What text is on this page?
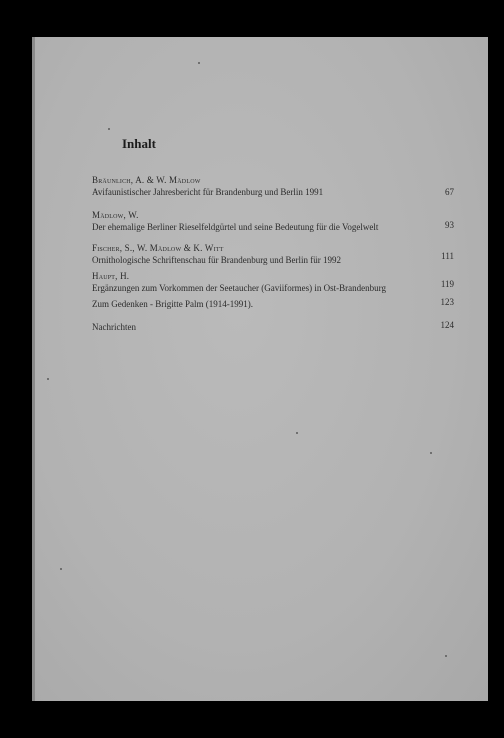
Inhalt
Bräunlich, A. & W. Mädlow
Avifaunistischer Jahresbericht für Brandenburg und Berlin 1991	67
Mädlow, W.
Der ehemalige Berliner Rieselfeldgürtel und seine Bedeutung für die Vogelwelt	93
Fischer, S., W. Mädlow & K. Witt
Ornithologische Schriftenschau für Brandenburg und Berlin für 1992	111
Haupt, H.
Ergänzungen zum Vorkommen der Seetaucher (Gaviiformes) in Ost-Brandenburg	119
Zum Gedenken - Brigitte Palm (1914-1991).	123
Nachrichten	124
